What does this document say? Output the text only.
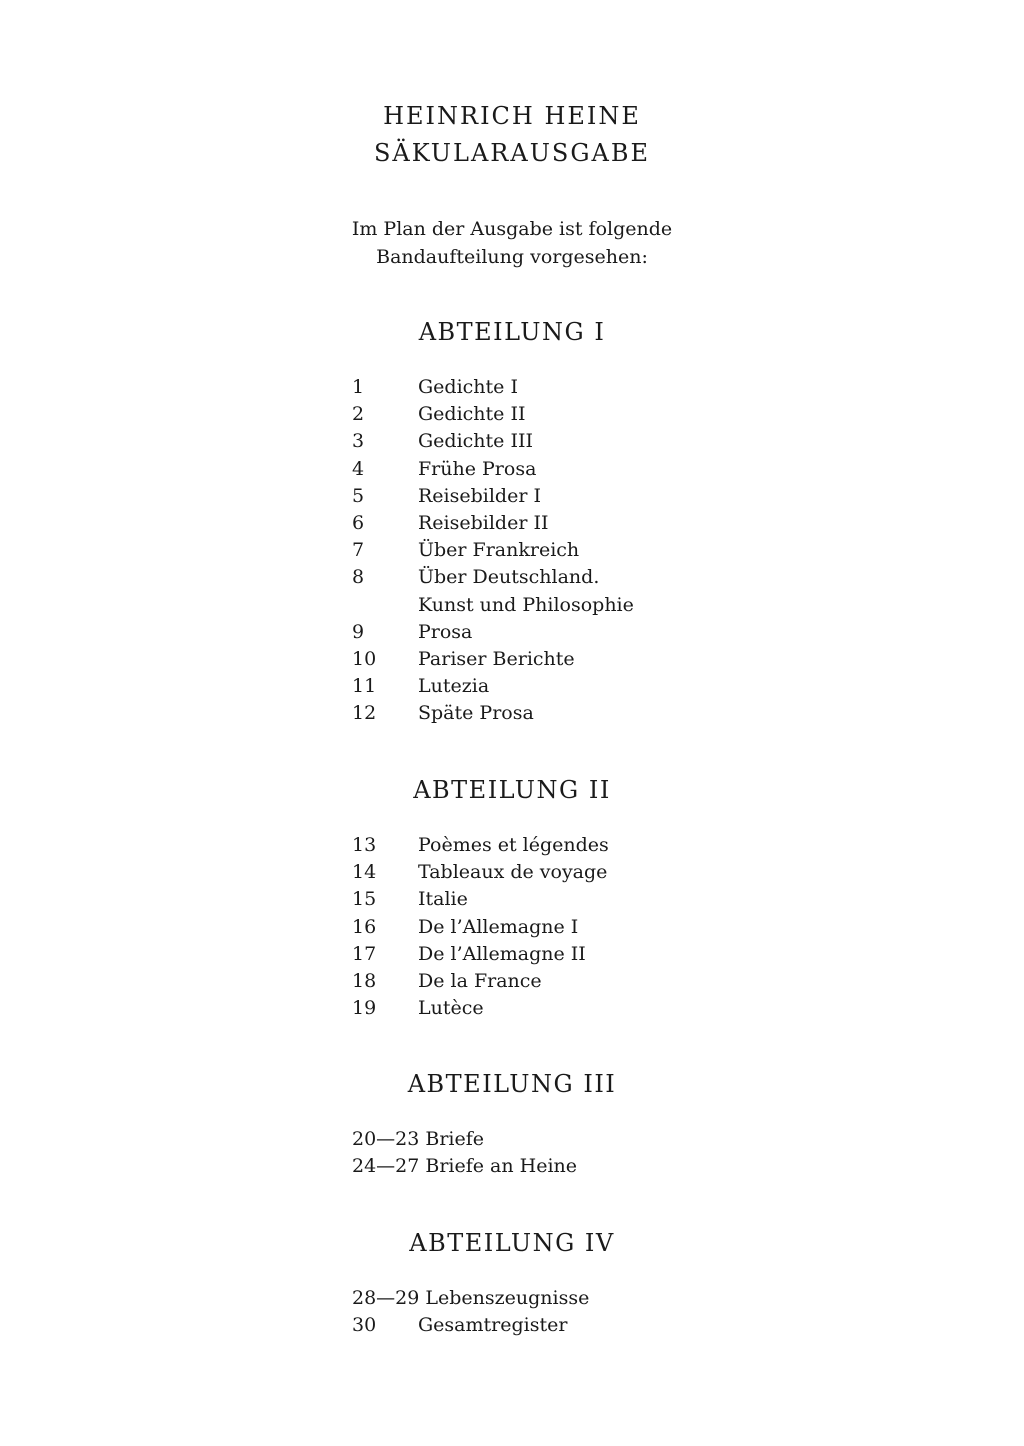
HEINRICH HEINE
SÄKULARAUSGABE
Im Plan der Ausgabe ist folgende
Bandaufteilung vorgesehen:
ABTEILUNG I
1	Gedichte I
2	Gedichte II
3	Gedichte III
4	Frühe Prosa
5	Reisebilder I
6	Reisebilder II
7	Über Frankreich
8	Über Deutschland.
Kunst und Philosophie
9	Prosa
10	Pariser Berichte
11	Lutezia
12	Späte Prosa
ABTEILUNG II
13	Poèmes et légendes
14	Tableaux de voyage
15	Italie
16	De l’Allemagne I
17	De l’Allemagne II
18	De la France
19	Lutèce
ABTEILUNG III
20—23 Briefe
24—27 Briefe an Heine
ABTEILUNG IV
28—29 Lebenszeugnisse
30	Gesamtregister
